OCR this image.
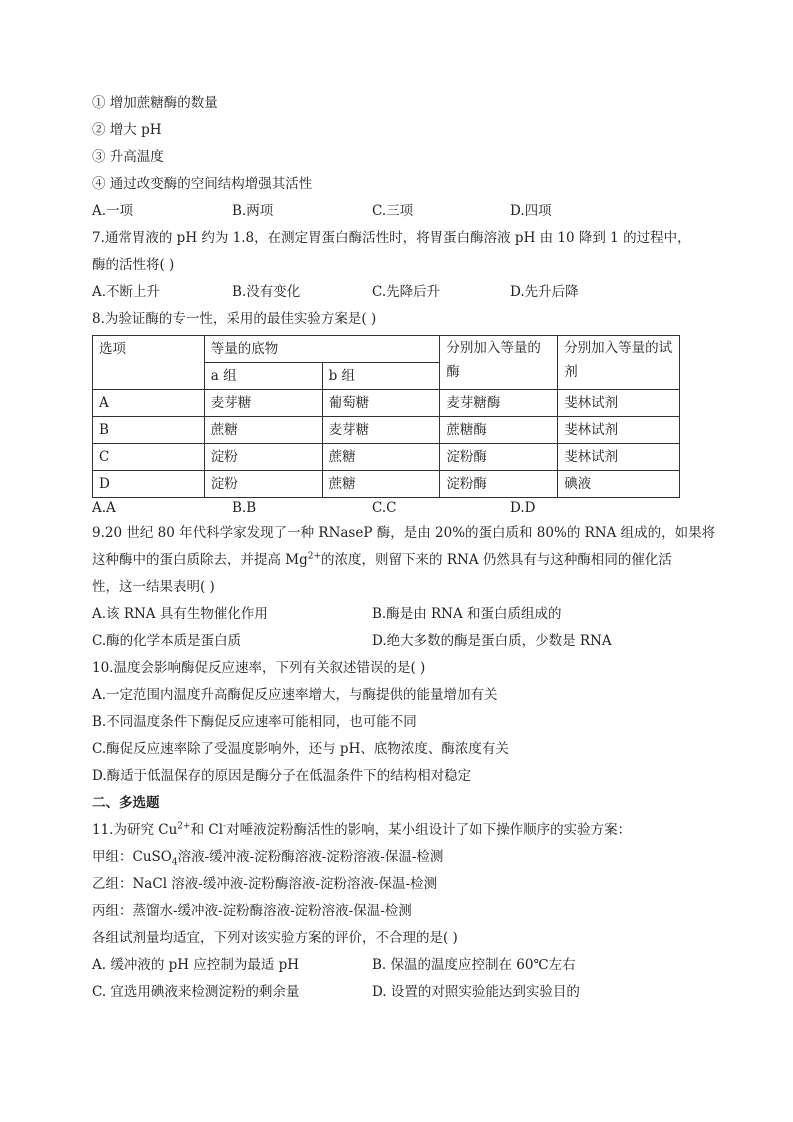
① 增加蔗糖酶的数量
② 增大 pH
③ 升高温度
④ 通过改变酶的空间结构增强其活性
A.一项	B.两项	C.三项	D.四项
7.通常胃液的 pH 约为 1.8，在测定胃蛋白酶活性时，将胃蛋白酶溶液 pH 由 10 降到 1 的过程中，
酶的活性将( )
A.不断上升	B.没有变化	C.先降后升	D.先升后降
8.为验证酶的专一性，采用的最佳实验方案是( )
选项	等量的底物		分别加入等量的酶	分别加入等量的试剂
	a 组	b 组		
A	麦芽糖	葡萄糖	麦芽糖酶	斐林试剂
B	蔗糖	麦芽糖	蔗糖酶	斐林试剂
C	淀粉	蔗糖	淀粉酶	斐林试剂
D	淀粉	蔗糖	淀粉酶	碘液
A.A	B.B	C.C	D.D
9.20 世纪 80 年代科学家发现了一种 RNaseP 酶，是由 20%的蛋白质和 80%的 RNA 组成的，如果将
这种酶中的蛋白质除去，并提高 $Mg^{2+}$的浓度，则留下来的 RNA 仍然具有与这种酶相同的催化活
性，这一结果表明( )
A.该 RNA 具有生物催化作用	B.酶是由 RNA 和蛋白质组成的
C.酶的化学本质是蛋白质	D.绝大多数的酶是蛋白质，少数是 RNA
10.温度会影响酶促反应速率，下列有关叙述错误的是( )
A.一定范围内温度升高酶促反应速率增大，与酶提供的能量增加有关
B.不同温度条件下酶促反应速率可能相同，也可能不同
C.酶促反应速率除了受温度影响外，还与 pH、底物浓度、酶浓度有关
D.酶适于低温保存的原因是酶分子在低温条件下的结构相对稳定
二、多选题
11.为研究 $Cu^{2+}$和 Cl-对唾液淀粉酶活性的影响，某小组设计了如下操作顺序的实验方案：
甲组：CuSO$_4$溶液-缓冲液-淀粉酶溶液-淀粉溶液-保温-检测
乙组：NaCl 溶液-缓冲液-淀粉酶溶液-淀粉溶液-保温-检测
丙组：蒸馏水-缓冲液-淀粉酶溶液-淀粉溶液-保温-检测
各组试剂量均适宜，下列对该实验方案的评价，不合理的是( )
A. 缓冲液的 pH 应控制为最适 pH	B. 保温的温度应控制在 60℃左右
C. 宜选用碘液来检测淀粉的剩余量	D. 设置的对照实验能达到实验目的
